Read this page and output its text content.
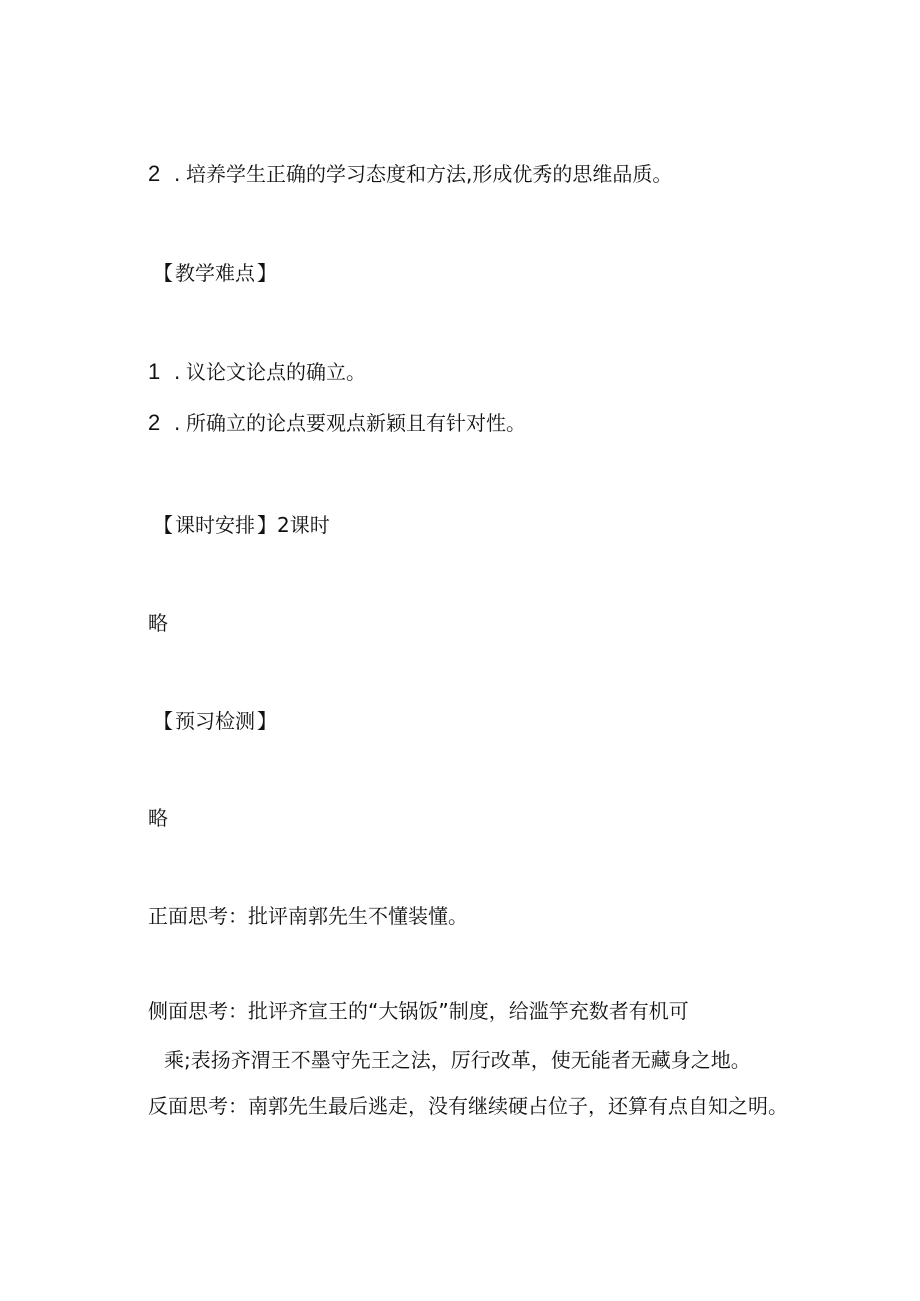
2 . 培养学生正确的学习态度和方法,形成优秀的思维品质。

【 教学难点 】

1 . 议论文论点的确立。

2 . 所确立的论点要观点新颖且有针对性。

【 课时安排 】2课时

略

【 预习检测 】

略

正面思考：批评南郭先生不懂装懂。

侧面思考：批评齐宣王的“大锅饭”制度，给滥竽充数者有机可

乘;表扬齐渭王不墨守先王之法，厉行改革，使无能者无藏身之地。

反面思考：南郭先生最后逃走，没有继续硬占位子，还算有点自知之明。
